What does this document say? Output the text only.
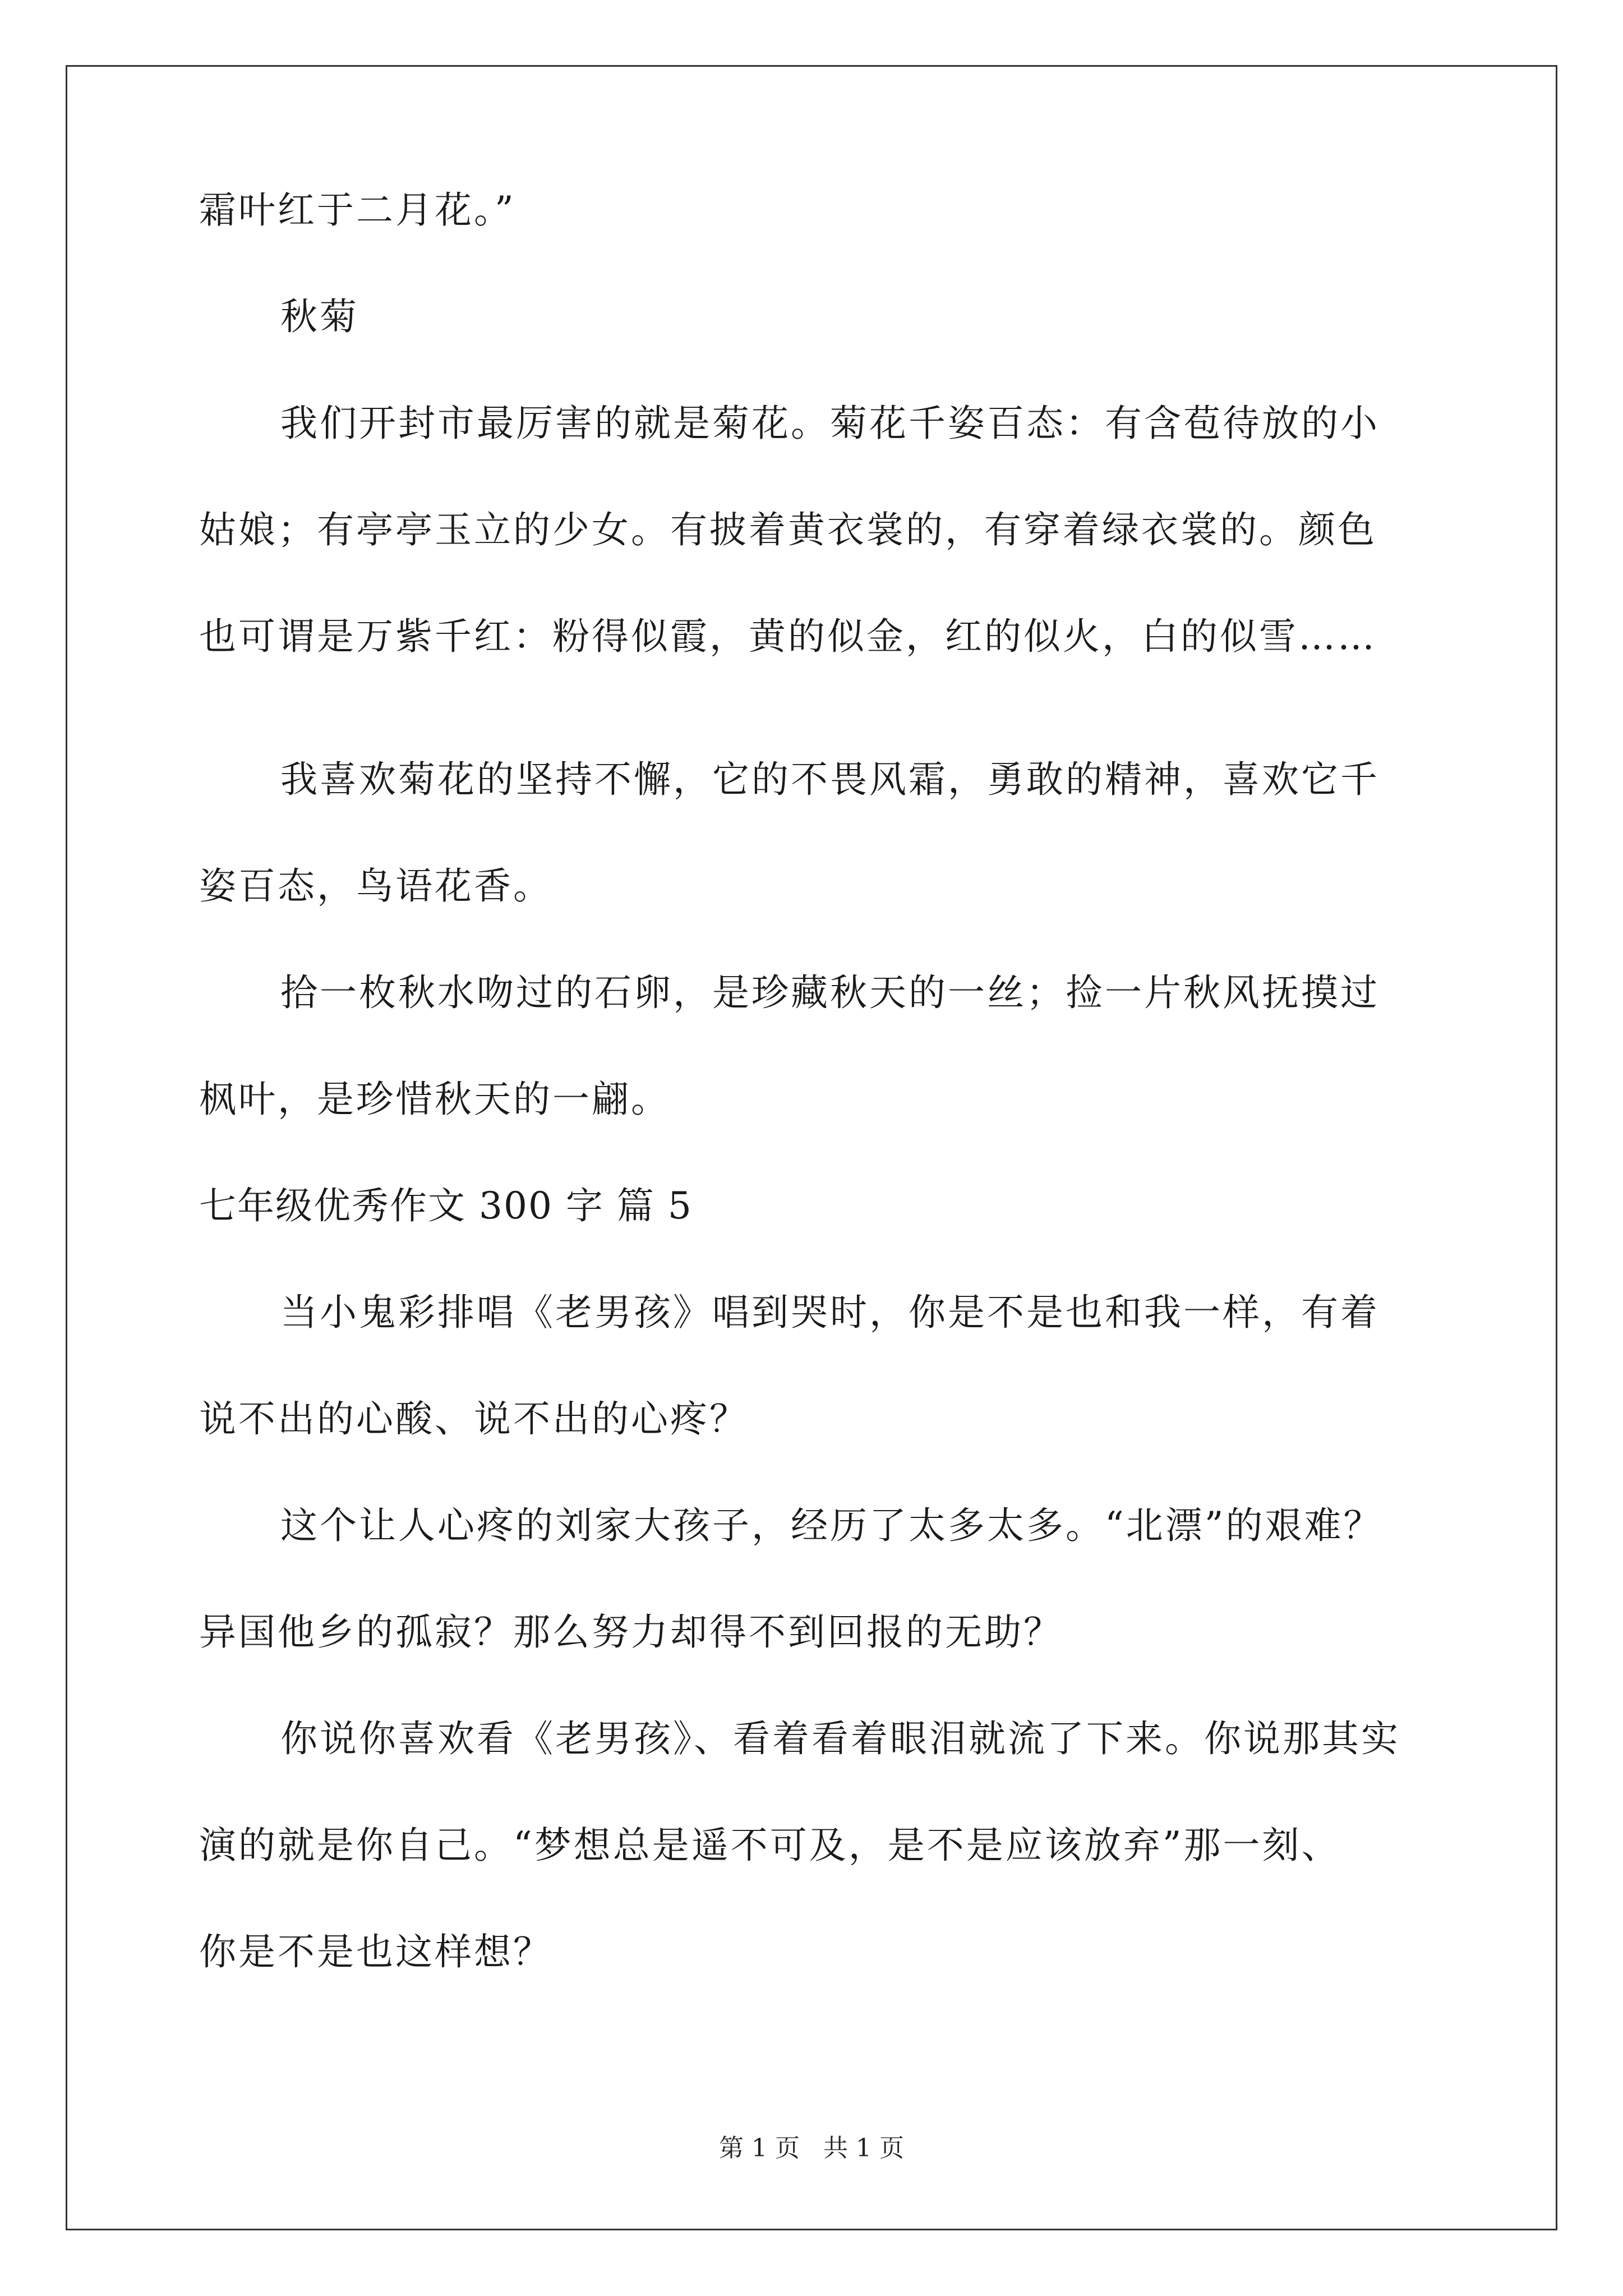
霜叶红于二月花。”
秋菊
我们开封市最厉害的就是菊花。菊花千姿百态：有含苞待放的小
姑娘；有亭亭玉立的少女。有披着黄衣裳的，有穿着绿衣裳的。颜色
也可谓是万紫千红：粉得似霞，黄的似金，红的似火，白的似雪……
我喜欢菊花的坚持不懈，它的不畏风霜，勇敢的精神，喜欢它千
姿百态，鸟语花香。
拾一枚秋水吻过的石卵，是珍藏秋天的一丝；捡一片秋风抚摸过
枫叶，是珍惜秋天的一翩。
七年级优秀作文 300 字 篇 5
当小鬼彩排唱《老男孩》唱到哭时，你是不是也和我一样，有着
说不出的心酸、说不出的心疼？
这个让人心疼的刘家大孩子，经历了太多太多。“北漂”的艰难？
异国他乡的孤寂？那么努力却得不到回报的无助？
你说你喜欢看《老男孩》、看着看着眼泪就流了下来。你说那其实
演的就是你自己。“梦想总是遥不可及，是不是应该放弃”那一刻、
你是不是也这样想？
第 1 页   共 1 页
